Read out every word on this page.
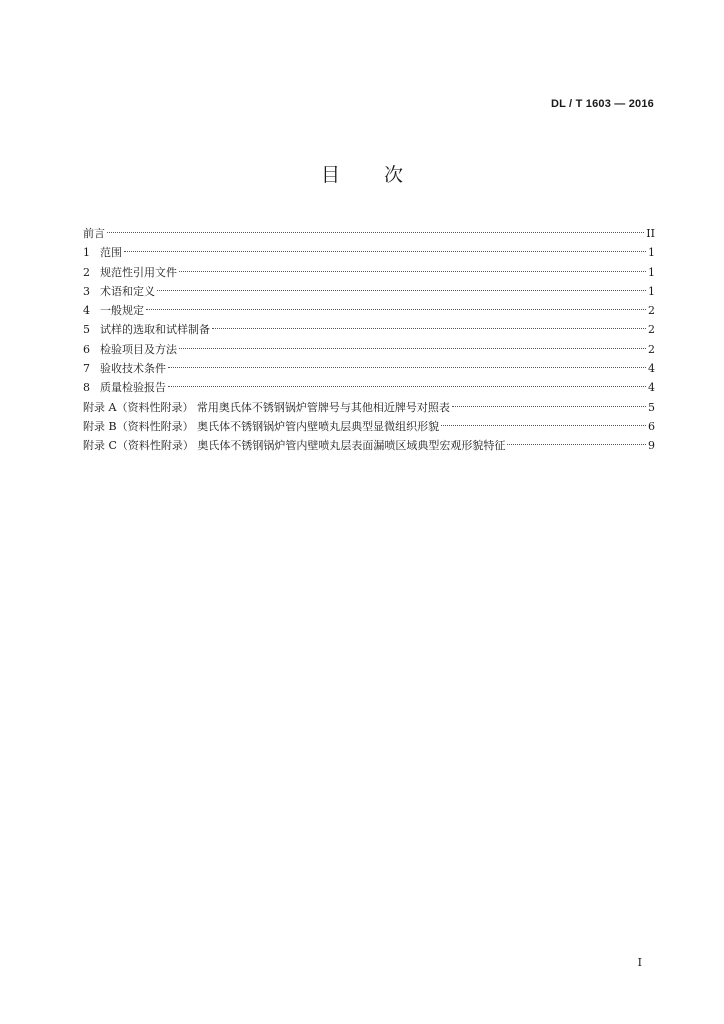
DL / T 1603 — 2016
目次
前言	II
1 范围	1
2 规范性引用文件	1
3 术语和定义	1
4 一般规定	2
5 试样的选取和试样制备	2
6 检验项目及方法	2
7 验收技术条件	4
8 质量检验报告	4
附录 A（资料性附录） 常用奥氏体不锈钢锅炉管牌号与其他相近牌号对照表	5
附录 B（资料性附录） 奥氏体不锈钢锅炉管内壁喷丸层典型显微组织形貌	6
附录 C（资料性附录） 奥氏体不锈钢锅炉管内壁喷丸层表面漏喷区域典型宏观形貌特征	9
I
